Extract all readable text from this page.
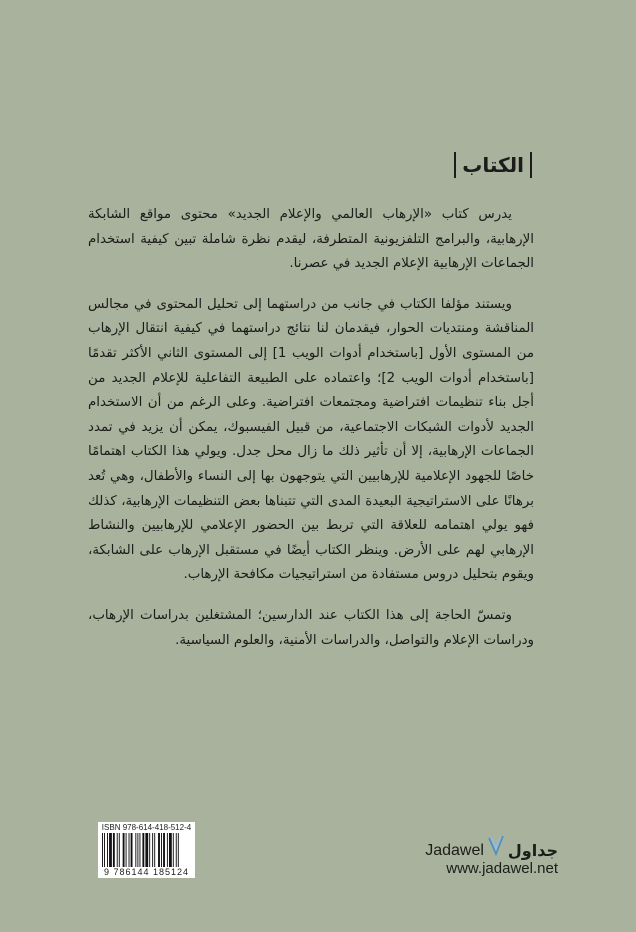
الكتاب

يدرس كتاب «الإرهاب العالمي والإعلام الجديد» محتوى مواقع الشابكة الإرهابية، والبرامج التلفزيونية المتطرفة، ليقدم نظرة شاملة تبين كيفية استخدام الجماعات الإرهابية الإعلام الجديد في عصرنا.

ويستند مؤلفا الكتاب في جانب من دراستهما إلى تحليل المحتوى في مجالس المناقشة ومنتديات الحوار، فيقدمان لنا نتائج دراستهما في كيفية انتقال الإرهاب من المستوى الأول [باستخدام أدوات الويب 1] إلى المستوى الثاني الأكثر تقدمًا [باستخدام أدوات الويب 2]؛ واعتماده على الطبيعة التفاعلية للإعلام الجديد من أجل بناء تنظيمات افتراضية ومجتمعات افتراضية. وعلى الرغم من أن الاستخدام الجديد لأدوات الشبكات الاجتماعية، من قبيل الفيسبوك، يمكن أن يزيد في تمدد الجماعات الإرهابية، إلا أن تأثير ذلك ما زال محل جدل. ويولي هذا الكتاب اهتمامًا خاصًا للجهود الإعلامية للإرهابيين التي يتوجهون بها إلى النساء والأطفال، وهي تُعد برهانًا على الاستراتيجية البعيدة المدى التي تتبناها بعض التنظيمات الإرهابية، كذلك فهو يولي اهتمامه للعلاقة التي تربط بين الحضور الإعلامي للإرهابيين والنشاط الإرهابي لهم على الأرض. وينظر الكتاب أيضًا في مستقبل الإرهاب على الشابكة، ويقوم بتحليل دروس مستفادة من استراتيجيات مكافحة الإرهاب.

وتمسّ الحاجة إلى هذا الكتاب عند الدارسين؛ المشتغلين بدراسات الإرهاب، ودراسات الإعلام والتواصل، والدراسات الأمنية، والعلوم السياسية.

ISBN 978-614-418-512-4
9 786144 185124
Jadawel جداول
www.jadawel.net
